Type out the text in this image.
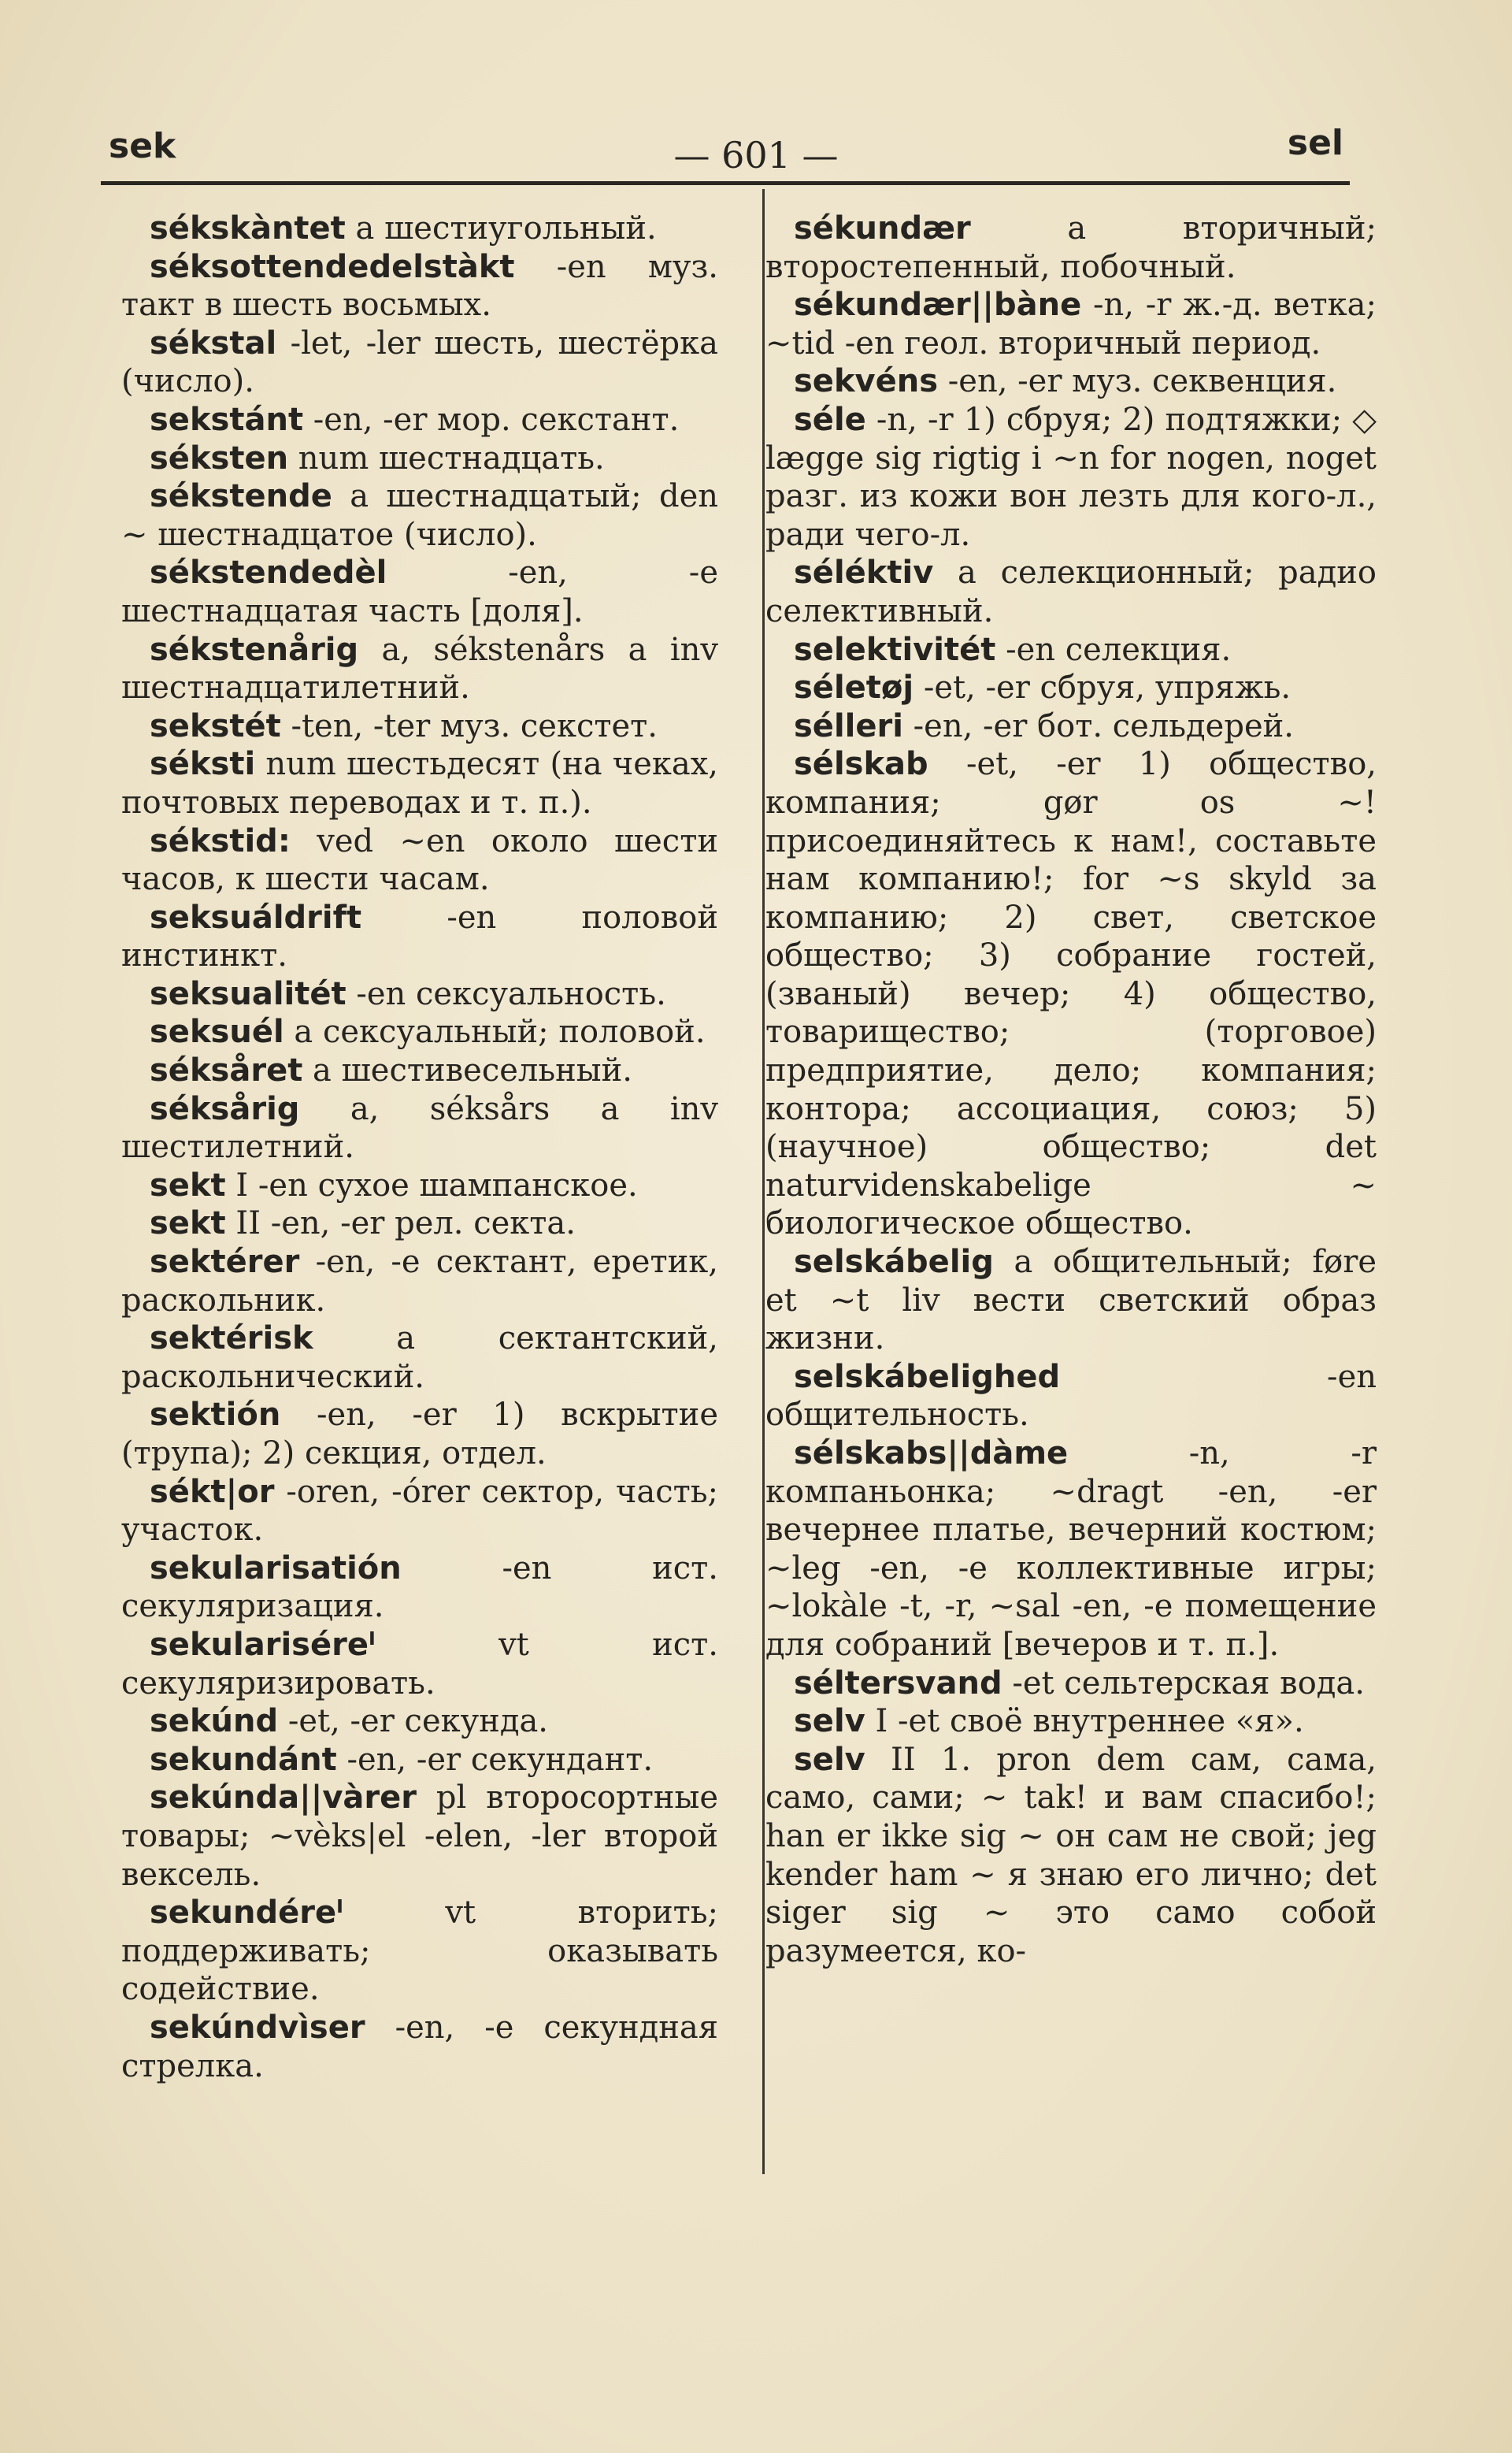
sek	— 601 —	sel

sékskàntet a шестиугольный.

séksottendedelstàkt -en муз. такт в шесть восьмых.

sékstal -let, -ler шесть, шестёрка (число).

sekstánt -en, -er мор. секстант.

séksten num шестнадцать.

sékstende a шестнадцатый; den ~ шестнадцатое (число).

sékstendedèl	-en, -e шестнадцатая часть [доля].

sékstenårig a, sékstenårs a inv шестнадцатилетний.

sekstét -ten, -ter муз. секстет.

séksti num шестьдесят (на чеках, почтовых переводах и т. п.).

sékstid: ved ~en около шести часов, к шести часам.

seksuáldrift	-en половой инстинкт.

seksualitét -en сексуальность.

seksuél a сексуальный; половой.

séksåret a шестивесельный.

séksårig a, séksårs a inv шестилетний.

sekt I -en сухое шампанское.

sekt II -en, -er рел. секта.

sektérer -en, -e сектант, еретик, раскольник.

sektérisk	a сектантский, раскольнический.

sektión -en, -er 1) вскрытие (трупа); 2) секция, отдел.

sékt|or -oren, -órer сектор, часть; участок.

sekularisatión	-en ист. секуляризация.

sekulariséreˡ	vt ист. секуляризировать.

sekúnd -et, -er секунда.

sekundánt -en, -er секундант.

sekúnda||vàrer pl второсортные товары; ~vèks|el -elen, -ler второй вексель.

sekundéreˡ	vt вторить; поддерживать; оказывать содействие.

sekúndvìser -en, -e секундная стрелка.

sékundær	a вторичный; второстепенный, побочный.

sékundær||bàne -n, -r ж.-д. ветка; ~tid -en геол. вторичный период.

sekvéns -en, -er муз. секвенция.

séle -n, -r 1) сбруя; 2) подтяжки; ◇ lægge sig rigtig i ~n for nogen, noget разг. из кожи вон лезть для кого-л., ради чего-л.

séléktiv a селекционный; радио селективный.

selektivitét -en селекция.

séletøj -et, -er сбруя, упряжь.

sélleri -en, -er бот. сельдерей.

sélskab -et, -er 1) общество, компания; gør os ~! присоединяйтесь к нам!, составьте нам компанию!; for ~s skyld за компанию; 2) свет, светское общество; 3) собрание гостей, (званый) вечер; 4) общество, товарищество; (торговое) предприятие, дело; компания; контора; ассоциация, союз; 5) (научное) общество; det naturvidenskabelige ~ биологическое общество.

selskábelig a общительный; føre et ~t liv вести светский образ жизни.

selskábelighed	-en общительность.

sélskabs||dàme	-n, -r компаньонка; ~dragt -en, -er вечернее платье, вечерний костюм; ~leg -en, -e коллективные игры; ~lokàle -t, -r, ~sal -en, -e помещение для собраний [вечеров и т. п.].

séltersvand -et сельтерская вода.

selv I -et своё внутреннее «я».

selv II 1. pron dem сам, сама, само, сами; ~ tak! и вам спасибо!; han er ikke sig ~ он сам не свой; jeg kender ham ~ я знаю его лично; det siger sig ~ это само собой разумеется, ко-
